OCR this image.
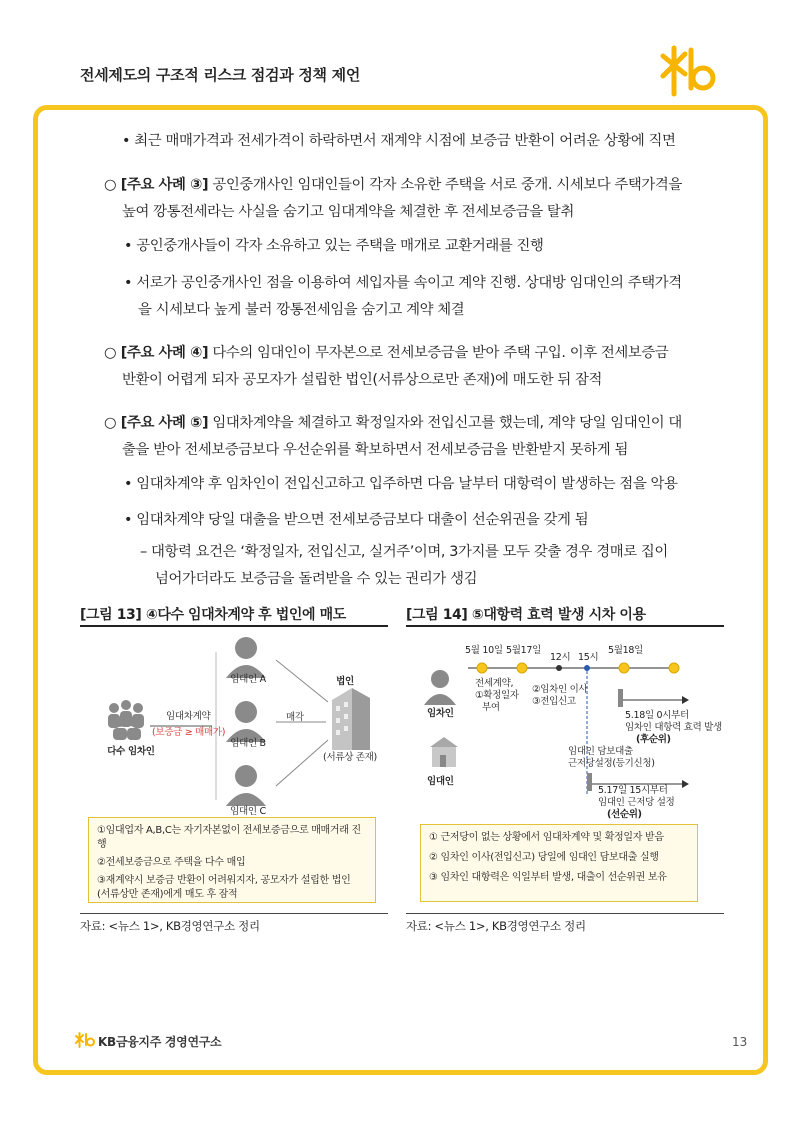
전세제도의 구조적 리스크 점검과 정책 제언
• 최근 매매가격과 전세가격이 하락하면서 재계약 시점에 보증금 반환이 어려운 상황에 직면
○ [주요 사례 ③] 공인중개사인 임대인들이 각자 소유한 주택을 서로 중개. 시세보다 주택가격을
높여 깡통전세라는 사실을 숨기고 임대계약을 체결한 후 전세보증금을 탈취
• 공인중개사들이 각자 소유하고 있는 주택을 매개로 교환거래를 진행
• 서로가 공인중개사인 점을 이용하여 세입자를 속이고 계약 진행. 상대방 임대인의 주택가격
을 시세보다 높게 불러 깡통전세임을 숨기고 계약 체결
○ [주요 사례 ④] 다수의 임대인이 무자본으로 전세보증금을 받아 주택 구입. 이후 전세보증금
반환이 어렵게 되자 공모자가 설립한 법인(서류상으로만 존재)에 매도한 뒤 잠적
○ [주요 사례 ⑤] 임대차계약을 체결하고 확정일자와 전입신고를 했는데, 계약 당일 임대인이 대
출을 받아 전세보증금보다 우선순위를 확보하면서 전세보증금을 반환받지 못하게 됨
• 임대차계약 후 임차인이 전입신고하고 입주하면 다음 날부터 대항력이 발생하는 점을 악용
• 임대차계약 당일 대출을 받으면 전세보증금보다 대출이 선순위권을 갖게 됨
– 대항력 요건은 ‘확정일자, 전입신고, 실거주’이며, 3가지를 모두 갖출 경우 경매로 집이
넘어가더라도 보증금을 돌려받을 수 있는 권리가 생김
[그림 13] ④다수 임대차계약 후 법인에 매도
임대인 A
임대인 B
임대인 C
법인
(서류상 존재)
다수 임차인
임대차계약
(보증금 ≥ 매매가)
매각
①임대업자 A,B,C는 자기자본없이 전세보증금으로 매매거래 진행
②전세보증금으로 주택을 다수 매입
③재계약시 보증금 반환이 어려워지자, 공모자가 설립한 법인
(서류상만 존재)에게 매도 후 잠적
자료: <뉴스 1>, KB경영연구소 정리
[그림 14] ⑤대항력 효력 발생 시차 이용
5월 10일 5월17일
12시 15시
5월18일
임차인
임대인
전세계약,
①확정일자
부여
②임차인 이사
③전입신고
5.18일 0시부터
임차인 대항력 효력 발생
(후순위)
임대인 담보대출
근저당설정(등기신청)
5.17일 15시부터
임대인 근저당 설정
(선순위)
① 근저당이 없는 상황에서 임대차계약 및 확정일자 받음
② 임차인 이사(전입신고) 당일에 임대인 담보대출 실행
③ 임차인 대항력은 익일부터 발생, 대출이 선순위권 보유
자료: <뉴스 1>, KB경영연구소 정리
KB금융지주 경영연구소	13
